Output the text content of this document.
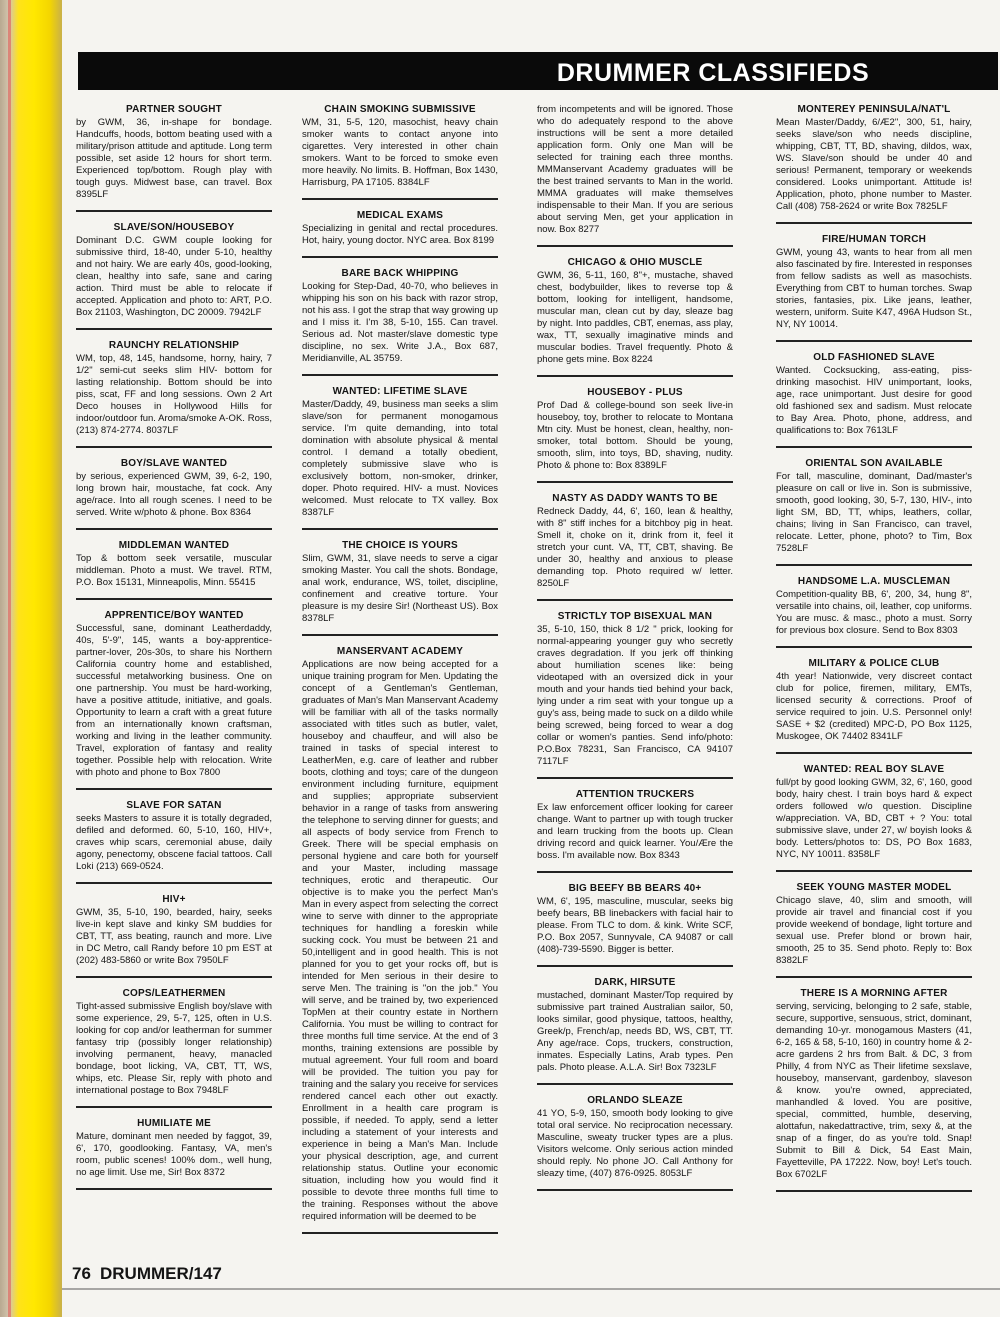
DRUMMER CLASSIFIEDS
PARTNER SOUGHT

by GWM, 36, in-shape for bondage. Handcuffs, hoods, bottom beating used with a military/prison attitude and aptitude. Long term possible, set aside 12 hours for short term. Experienced top/bottom. Rough play with tough guys. Midwest base, can travel. Box 8395LF

SLAVE/SON/HOUSEBOY

Dominant D.C. GWM couple looking for submissive third, 18-40, under 5-10, healthy and not hairy. We are early 40s, good-looking, clean, healthy into safe, sane and caring action. Third must be able to relocate if accepted. Application and photo to: ART, P.O. Box 21103, Washington, DC 20009. 7942LF

RAUNCHY RELATIONSHIP

WM, top, 48, 145, handsome, horny, hairy, 7 1/2" semi-cut seeks slim HIV- bottom for lasting relationship. Bottom should be into piss, scat, FF and long sessions. Own 2 Art Deco houses in Hollywood Hills for indoor/outdoor fun. Aroma/smoke A-OK. Ross, (213) 874-2774. 8037LF

BOY/SLAVE WANTED

by serious, experienced GWM, 39, 6-2, 190, long brown hair, moustache, fat cock. Any age/race. Into all rough scenes. I need to be served. Write w/photo & phone. Box 8364

MIDDLEMAN WANTED

Top & bottom seek versatile, muscular middleman. Photo a must. We travel. RTM, P.O. Box 15131, Minneapolis, Minn. 55415

APPRENTICE/BOY WANTED

Successful, sane, dominant Leatherdaddy, 40s, 5'-9", 145, wants a boy-apprentice-partner-lover, 20s-30s, to share his Northern California country home and established, successful metalworking business. One on one partnership. You must be hard-working, have a positive attitude, initiative, and goals. Opportunity to learn a craft with a great future from an internationally known craftsman, working and living in the leather community. Travel, exploration of fantasy and reality together. Possible help with relocation. Write with photo and phone to Box 7800

SLAVE FOR SATAN

seeks Masters to assure it is totally degraded, defiled and deformed. 60, 5-10, 160, HIV+, craves whip scars, ceremonial abuse, daily agony, penectomy, obscene facial tattoos. Call Loki (213) 669-0524.

HIV+

GWM, 35, 5-10, 190, bearded, hairy, seeks live-in kept slave and kinky SM buddies for CBT, TT, ass beating, raunch and more. Live in DC Metro, call Randy before 10 pm EST at (202) 483-5860 or write Box 7950LF

COPS/LEATHERMEN

Tight-assed submissive English boy/slave with some experience, 29, 5-7, 125, often in U.S. looking for cop and/or leatherman for summer fantasy trip (possibly longer relationship) involving permanent, heavy, manacled bondage, boot licking, VA, CBT, TT, WS, whips, etc. Please Sir, reply with photo and international postage to Box 7948LF

HUMILIATE ME

Mature, dominant men needed by faggot, 39, 6', 170, goodlooking. Fantasy, VA, men's room, public scenes! 100% dom., well hung, no age limit. Use me, Sir! Box 8372

CHAIN SMOKING SUBMISSIVE

WM, 31, 5-5, 120, masochist, heavy chain smoker wants to contact anyone into cigarettes. Very interested in other chain smokers. Want to be forced to smoke even more heavily. No limits. B. Hoffman, Box 1430, Harrisburg, PA 17105. 8384LF

MEDICAL EXAMS

Specializing in genital and rectal procedures. Hot, hairy, young doctor. NYC area. Box 8199

BARE BACK WHIPPING

Looking for Step-Dad, 40-70, who believes in whipping his son on his back with razor strop, not his ass. I got the strap that way growing up and I miss it. I'm 38, 5-10, 155. Can travel. Serious ad. Not master/slave domestic type discipline, no sex. Write J.A., Box 687, Meridianville, AL 35759.

WANTED: LIFETIME SLAVE

Master/Daddy, 49, business man seeks a slim slave/son for permanent monogamous service. I'm quite demanding, into total domination with absolute physical & mental control. I demand a totally obedient, completely submissive slave who is exclusively bottom, non-smoker, drinker, doper. Photo required. HIV- a must. Novices welcomed. Must relocate to TX valley. Box 8387LF

THE CHOICE IS YOURS

Slim, GWM, 31, slave needs to serve a cigar smoking Master. You call the shots. Bondage, anal work, endurance, WS, toilet, discipline, confinement and creative torture. Your pleasure is my desire Sir! (Northeast US). Box 8378LF

MANSERVANT ACADEMY

Applications are now being accepted for a unique training program for Men. Updating the concept of a Gentleman's Gentleman, graduates of Man's Man Manservant Academy will be familiar with all of the tasks normally associated with titles such as butler, valet, houseboy and chauffeur, and will also be trained in tasks of special interest to LeatherMen, e.g. care of leather and rubber boots, clothing and toys; care of the dungeon environment including furniture, equipment and supplies; appropriate subservient behavior in a range of tasks from answering the telephone to serving dinner for guests; and all aspects of body service from French to Greek. There will be special emphasis on personal hygiene and care both for yourself and your Master, including massage techniques, erotic and therapeutic. Our objective is to make you the perfect Man's Man in every aspect from selecting the correct wine to serve with dinner to the appropriate techniques for handling a foreskin while sucking cock. You must be between 21 and 50,intelligent and in good health. This is not planned for you to get your rocks off, but is intended for Men serious in their desire to serve Men. The training is "on the job." You will serve, and be trained by, two experienced TopMen at their country estate in Northern California. You must be willing to contract for three months full time service. At the end of 3 months, training extensions are possible by mutual agreement. Your full room and board will be provided. The tuition you pay for training and the salary you receive for services rendered cancel each other out exactly. Enrollment in a health care program is possible, if needed. To apply, send a letter including a statement of your interests and experience in being a Man's Man. Include your physical description, age, and current relationship status. Outline your economic situation, including how you would find it possible to devote three months full time to the training. Responses without the above required information will be deemed to be

from incompetents and will be ignored. Those who do adequately respond to the above instructions will be sent a more detailed application form. Only one Man will be selected for training each three months. MMManservant Academy graduates will be the best trained servants to Man in the world. MMMA graduates will make themselves indispensable to their Man. If you are serious about serving Men, get your application in now. Box 8277

CHICAGO & OHIO MUSCLE

GWM, 36, 5-11, 160, 8"+, mustache, shaved chest, bodybuilder, likes to reverse top & bottom, looking for intelligent, handsome, muscular man, clean cut by day, sleaze bag by night. Into paddles, CBT, enemas, ass play, wax, TT, sexually imaginative minds and muscular bodies. Travel frequently. Photo & phone gets mine. Box 8224

HOUSEBOY - PLUS

Prof Dad & college-bound son seek live-in houseboy, toy, brother to relocate to Montana Mtn city. Must be honest, clean, healthy, non-smoker, total bottom. Should be young, smooth, slim, into toys, BD, shaving, nudity. Photo & phone to: Box 8389LF

NASTY AS DADDY WANTS TO BE

Redneck Daddy, 44, 6', 160, lean & healthy, with 8" stiff inches for a bitchboy pig in heat. Smell it, choke on it, drink from it, feel it stretch your cunt. VA, TT, CBT, shaving. Be under 30, healthy and anxious to please demanding top. Photo required w/ letter. 8250LF

STRICTLY TOP BISEXUAL MAN

35, 5-10, 150, thick 8 1/2 " prick, looking for normal-appearing younger guy who secretly craves degradation. If you jerk off thinking about humiliation scenes like: being videotaped with an oversized dick in your mouth and your hands tied behind your back, lying under a rim seat with your tongue up a guy's ass, being made to suck on a dildo while being screwed, being forced to wear a dog collar or women's panties. Send info/photo: P.O.Box 78231, San Francisco, CA 94107 7117LF

ATTENTION TRUCKERS

Ex law enforcement officer looking for career change. Want to partner up with tough trucker and learn trucking from the boots up. Clean driving record and quick learner. You/Ære the boss. I'm available now. Box 8343

BIG BEEFY BB BEARS 40+

WM, 6', 195, masculine, muscular, seeks big beefy bears, BB linebackers with facial hair to please. From TLC to dom. & kink. Write SCF, P.O. Box 2057, Sunnyvale, CA 94087 or call (408)-739-5590. Bigger is better.

DARK, HIRSUTE

mustached, dominant Master/Top required by submissive part trained Australian sailor, 50, looks similar, good physique, tattoos, healthy, Greek/p, French/ap, needs BD, WS, CBT, TT. Any age/race. Cops, truckers, construction, inmates. Especially Latins, Arab types. Pen pals. Photo please. A.L.A. Sir! Box 7323LF

ORLANDO SLEAZE

41 YO, 5-9, 150, smooth body looking to give total oral service. No reciprocation necessary. Masculine, sweaty trucker types are a plus. Visitors welcome. Only serious action minded should reply. No phone JO. Call Anthony for sleazy time, (407) 876-0925. 8053LF

MONTEREY PENINSULA/NAT'L

Mean Master/Daddy, 6/Æ2", 300, 51, hairy, seeks slave/son who needs discipline, whipping, CBT, TT, BD, shaving, dildos, wax, WS. Slave/son should be under 40 and serious! Permanent, temporary or weekends considered. Looks unimportant. Attitude is! Application, photo, phone number to Master. Call (408) 758-2624 or write Box 7825LF

FIRE/HUMAN TORCH

GWM, young 43, wants to hear from all men also fascinated by fire. Interested in responses from fellow sadists as well as masochists. Everything from CBT to human torches. Swap stories, fantasies, pix. Like jeans, leather, western, uniform. Suite K47, 496A Hudson St., NY, NY 10014.

OLD FASHIONED SLAVE

Wanted. Cocksucking, ass-eating, piss-drinking masochist. HIV unimportant, looks, age, race unimportant. Just desire for good old fashioned sex and sadism. Must relocate to Bay Area. Photo, phone, address, and qualifications to: Box 7613LF

ORIENTAL SON AVAILABLE

For tall, masculine, dominant, Dad/master's pleasure on call or live in. Son is submissive, smooth, good looking, 30, 5-7, 130, HIV-, into light SM, BD, TT, whips, leathers, collar, chains; living in San Francisco, can travel, relocate. Letter, phone, photo? to Tim, Box 7528LF

HANDSOME L.A. MUSCLEMAN

Competition-quality BB, 6', 200, 34, hung 8", versatile into chains, oil, leather, cop uniforms. You are musc. & masc., photo a must. Sorry for previous box closure. Send to Box 8303

MILITARY & POLICE CLUB

4th year! Nationwide, very discreet contact club for police, firemen, military, EMTs, licensed security & corrections. Proof of service required to join. U.S. Personnel only! SASE + $2 (credited) MPC-D, PO Box 1125, Muskogee, OK 74402 8341LF

WANTED: REAL BOY SLAVE

full/pt by good looking GWM, 32, 6', 160, good body, hairy chest. I train boys hard & expect orders followed w/o question. Discipline w/appreciation. VA, BD, CBT + ? You: total submissive slave, under 27, w/ boyish looks & body. Letters/photos to: DS, PO Box 1683, NYC, NY 10011. 8358LF

SEEK YOUNG MASTER MODEL

Chicago slave, 40, slim and smooth, will provide air travel and financial cost if you provide weekend of bondage, light torture and sexual use. Prefer blond or brown hair, smooth, 25 to 35. Send photo. Reply to: Box 8382LF

THERE IS A MORNING AFTER

serving, servicing, belonging to 2 safe, stable, secure, supportive, sensuous, strict, dominant, demanding 10-yr. monogamous Masters (41, 6-2, 165 & 58, 5-10, 160) in country home & 2-acre gardens 2 hrs from Balt. & DC, 3 from Philly, 4 from NYC as Their lifetime sexslave, houseboy, manservant, gardenboy, slaveson & know. you're owned, appreciated, manhandled & loved. You are positive, special, committed, humble, deserving, alottafun, nakedattractive, trim, sexy &, at the snap of a finger, do as you're told. Snap! Submit to Bill & Dick, 54 East Main, Fayetteville, PA 17222. Now, boy! Let's touch. Box 6702LF

76 DRUMMER/147
